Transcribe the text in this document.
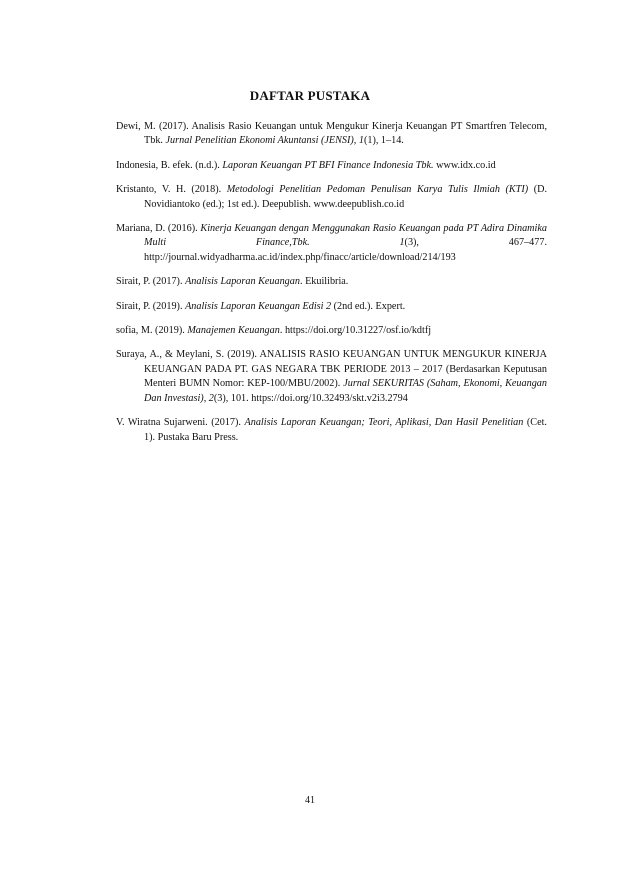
DAFTAR PUSTAKA

Dewi, M. (2017). Analisis Rasio Keuangan untuk Mengukur Kinerja Keuangan PT Smartfren Telecom, Tbk. Jurnal Penelitian Ekonomi Akuntansi (JENSI), 1(1), 1–14.

Indonesia, B. efek. (n.d.). Laporan Keuangan PT BFI Finance Indonesia Tbk. www.idx.co.id

Kristanto, V. H. (2018). Metodologi Penelitian Pedoman Penulisan Karya Tulis Ilmiah (KTI) (D. Novidiantoko (ed.); 1st ed.). Deepublish. www.deepublish.co.id

Mariana, D. (2016). Kinerja Keuangan dengan Menggunakan Rasio Keuangan pada PT Adira Dinamika Multi Finance,Tbk.	1(3), 467–477. http://journal.widyadharma.ac.id/index.php/finacc/article/download/214/193

Sirait, P. (2017). Analisis Laporan Keuangan. Ekuilibria.

Sirait, P. (2019). Analisis Laporan Keuangan Edisi 2 (2nd ed.). Expert.

sofia, M. (2019). Manajemen Keuangan. https://doi.org/10.31227/osf.io/kdtfj

Suraya, A., & Meylani, S. (2019). ANALISIS RASIO KEUANGAN UNTUK MENGUKUR KINERJA KEUANGAN PADA PT. GAS NEGARA TBK PERIODE 2013 – 2017 (Berdasarkan Keputusan Menteri BUMN Nomor: KEP-100/MBU/2002). Jurnal SEKURITAS (Saham, Ekonomi, Keuangan Dan Investasi), 2(3), 101. https://doi.org/10.32493/skt.v2i3.2794

V. Wiratna Sujarweni. (2017). Analisis Laporan Keuangan; Teori, Aplikasi, Dan Hasil Penelitian (Cet. 1). Pustaka Baru Press.

41
